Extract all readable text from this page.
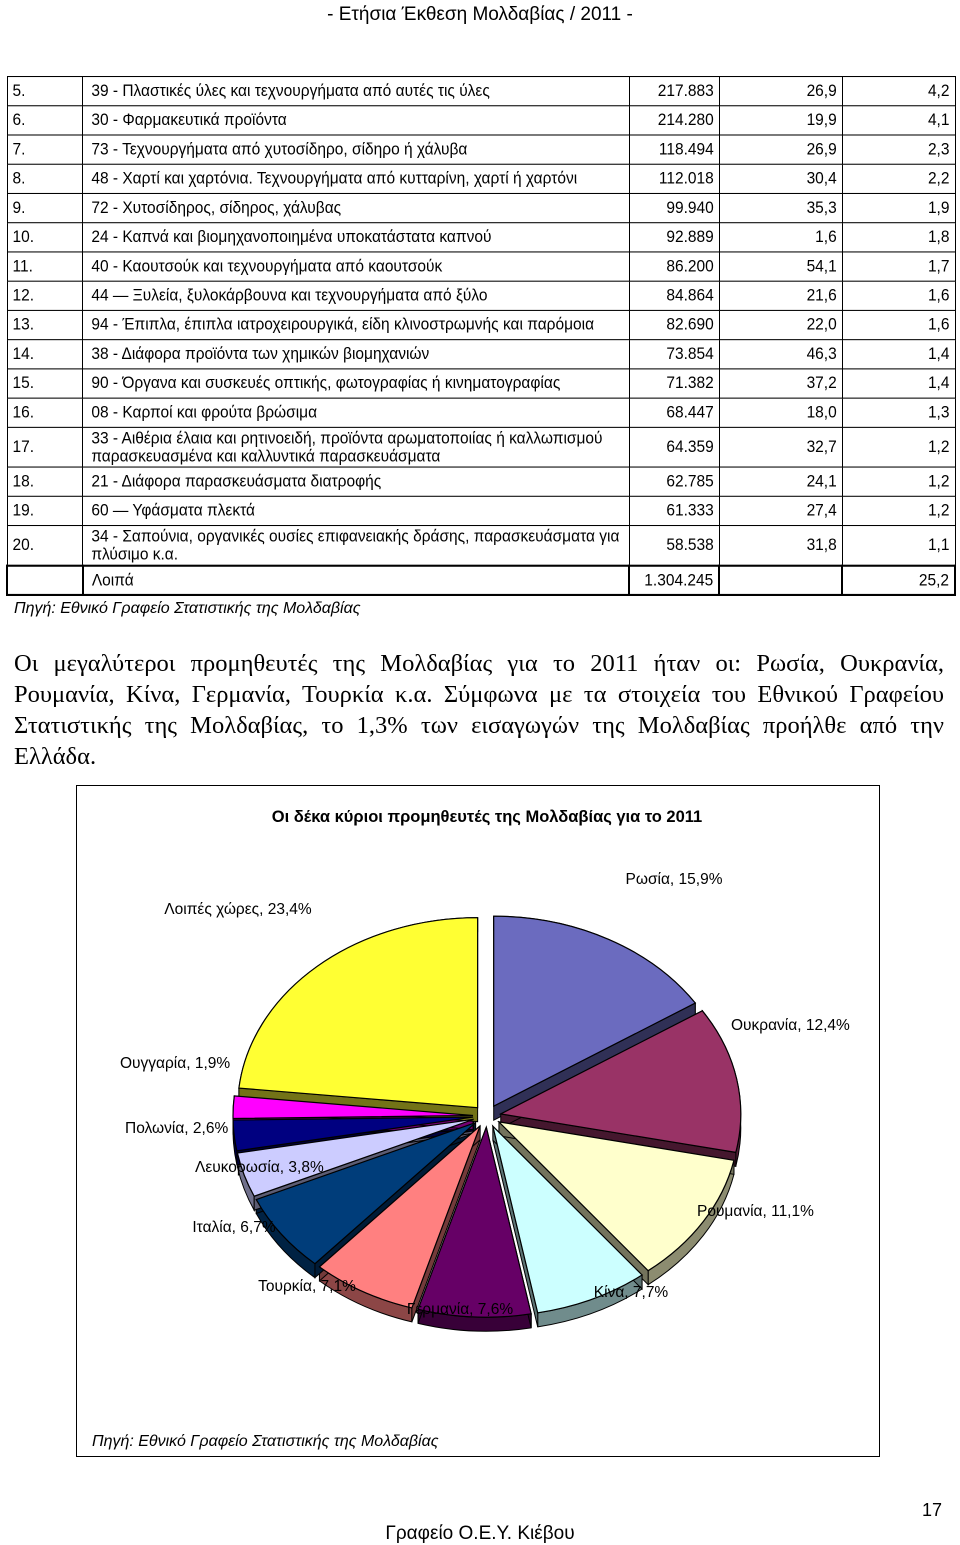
- Ετήσια Έκθεση Μολδαβίας / 2011 -
5.	39 - Πλαστικές ύλες και τεχνουργήματα από αυτές τις ύλες	217.883	26,9	4,2
6.	30 - Φαρμακευτικά προϊόντα	214.280	19,9	4,1
7.	73 - Τεχνουργήματα από χυτοσίδηρο, σίδηρο ή χάλυβα	118.494	26,9	2,3
8.	48 - Χαρτί και χαρτόνια. Τεχνουργήματα από κυτταρίνη, χαρτί ή χαρτόνι	112.018	30,4	2,2
9.	72 - Χυτοσίδηρος, σίδηρος, χάλυβας	99.940	35,3	1,9
10.	24 - Καπνά και βιομηχανοποιημένα υποκατάστατα καπνού	92.889	1,6	1,8
11.	40 - Καουτσούκ και τεχνουργήματα από καουτσούκ	86.200	54,1	1,7
12.	44 — Ξυλεία, ξυλοκάρβουνα και τεχνουργήματα από ξύλο	84.864	21,6	1,6
13.	94 - Έπιπλα, έπιπλα ιατροχειρουργικά, είδη κλινοστρωμνής και παρόμοια	82.690	22,0	1,6
14.	38 - Διάφορα προϊόντα των χημικών βιομηχανιών	73.854	46,3	1,4
15.	90 - Όργανα και συσκευές οπτικής, φωτογραφίας ή κινηματογραφίας	71.382	37,2	1,4
16.	08 - Καρποί και φρούτα βρώσιμα	68.447	18,0	1,3
17.	33 - Αιθέρια έλαια και ρητινοειδή, προϊόντα αρωματοποιίας ή καλλωπισμού παρασκευασμένα και καλλυντικά παρασκευάσματα	64.359	32,7	1,2
18.	21 - Διάφορα παρασκευάσματα διατροφής	62.785	24,1	1,2
19.	60 — Υφάσματα πλεκτά	61.333	27,4	1,2
20.	34 - Σαπούνια, οργανικές ουσίες επιφανειακής δράσης, παρασκευάσματα για πλύσιμο κ.α.	58.538	31,8	1,1
	Λοιπά	1.304.245		25,2
Πηγή: Εθνικό Γραφείο Στατιστικής της Μολδαβίας
Οι μεγαλύτεροι προμηθευτές της Μολδαβίας για το 2011 ήταν οι: Ρωσία, Ουκρανία, Ρουμανία, Κίνα, Γερμανία, Τουρκία κ.α. Σύμφωνα με τα στοιχεία του Εθνικού Γραφείου Στατιστικής της Μολδαβίας, το 1,3% των εισαγωγών της Μολδαβίας προήλθε από την Ελλάδα.
Οι δέκα κύριοι προμηθευτές της Μολδαβίας για το 2011
Ρωσία, 15,9%
Ουκρανία, 12,4%
Ρουμανία, 11,1%
Κίνα, 7,7%
Γερμανία, 7,6%
Τουρκία, 7,1%
Ιταλία, 6,7%
Λευκορωσία, 3,8%
Πολωνία, 2,6%
Ουγγαρία, 1,9%
Λοιπές χώρες, 23,4%
Πηγή: Εθνικό Γραφείο Στατιστικής της Μολδαβίας
17
Γραφείο Ο.Ε.Υ. Κιέβου
